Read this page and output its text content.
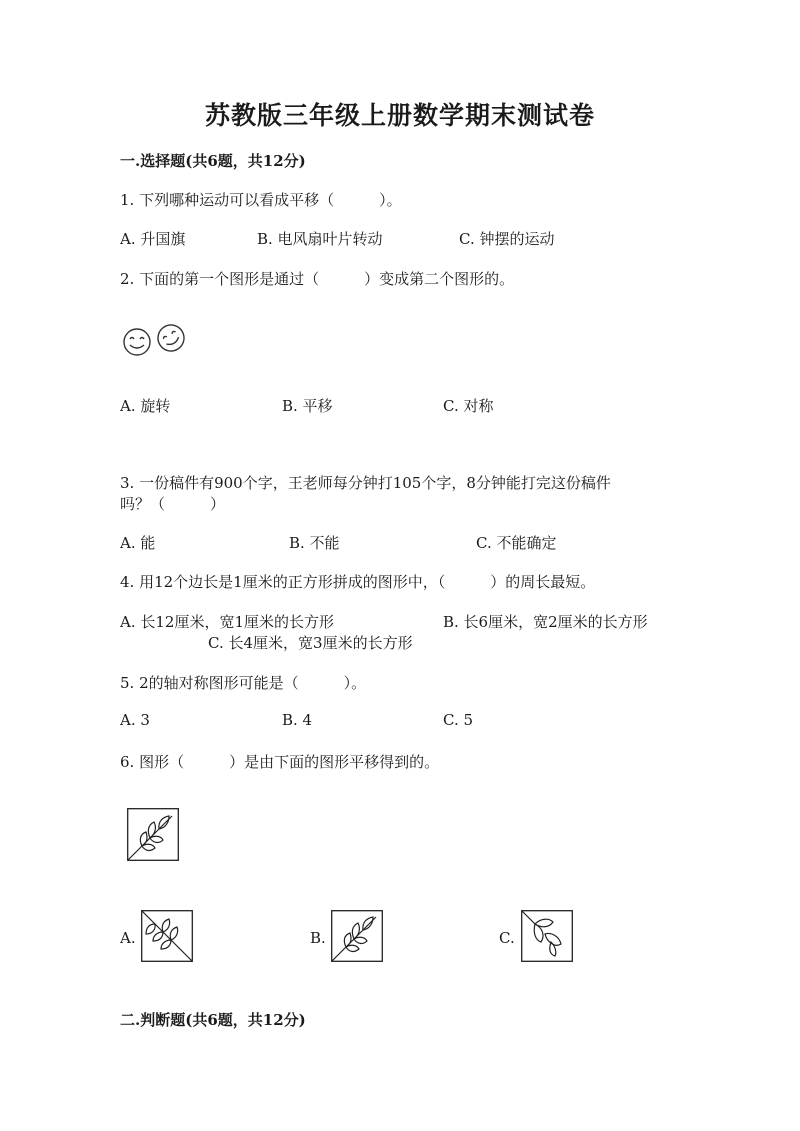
苏教版三年级上册数学期末测试卷
一.选择题(共6题，共12分)
1. 下列哪种运动可以看成平移（　　　）。
A. 升国旗	B. 电风扇叶片转动	C. 钟摆的运动
2. 下面的第一个图形是通过（　　　）变成第二个图形的。
A. 旋转	B. 平移	C. 对称
3. 一份稿件有900个字，王老师每分钟打105个字，8分钟能打完这份稿件
吗？（　　　）
A. 能	B. 不能	C. 不能确定
4. 用12个边长是1厘米的正方形拼成的图形中，（　　　）的周长最短。
A. 长12厘米，宽1厘米的长方形	B. 长6厘米，宽2厘米的长方形
C. 长4厘米，宽3厘米的长方形
5. 2的轴对称图形可能是（　　　）。
A. 3	B. 4	C. 5
6. 图形（　　　）是由下面的图形平移得到的。
A.	B.	C.
二.判断题(共6题，共12分)
